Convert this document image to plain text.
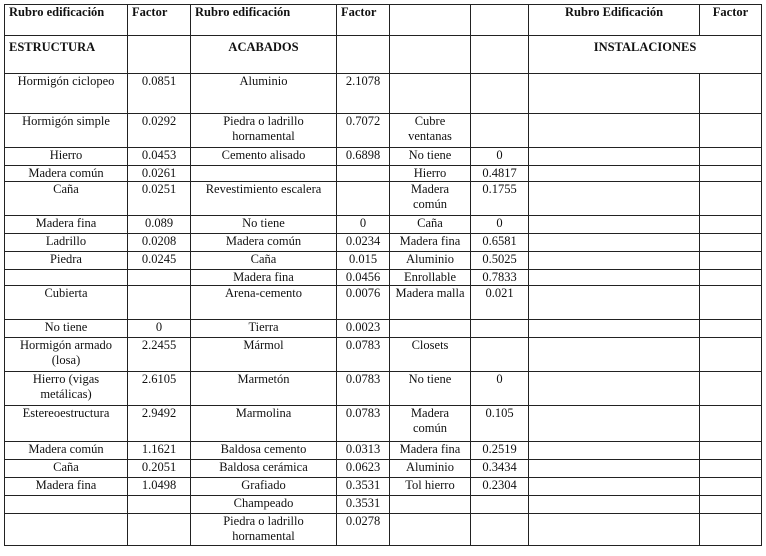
Rubro edificación	Factor	Rubro edificación	Factor			Rubro Edificación	Factor
ESTRUCTURA		ACABADOS				INSTALACIONES	
Hormigón ciclopeo	0.0851	Aluminio	2.1078				
Hormigón simple	0.0292	Piedra o ladrillo hornamental	0.7072	Cubre ventanas			
Hierro	0.0453	Cemento alisado	0.6898	No tiene	0		
Madera común	0.0261			Hierro	0.4817		
Caña	0.0251	Revestimiento escalera		Madera común	0.1755		
Madera fina	0.089	No tiene	0	Caña	0		
Ladrillo	0.0208	Madera común	0.0234	Madera fina	0.6581		
Piedra	0.0245	Caña	0.015	Aluminio	0.5025		
		Madera fina	0.0456	Enrollable	0.7833		
Cubierta		Arena-cemento	0.0076	Madera malla	0.021		
No tiene	0	Tierra	0.0023				
Hormigón armado (losa)	2.2455	Mármol	0.0783	Closets			
Hierro (vigas metálicas)	2.6105	Marmetón	0.0783	No tiene	0		
Estereoestructura	2.9492	Marmolina	0.0783	Madera común	0.105		
Madera común	1.1621	Baldosa cemento	0.0313	Madera fina	0.2519		
Caña	0.2051	Baldosa cerámica	0.0623	Aluminio	0.3434		
Madera fina	1.0498	Grafiado	0.3531	Tol hierro	0.2304		
		Champeado	0.3531				
		Piedra o ladrillo hornamental	0.0278				
